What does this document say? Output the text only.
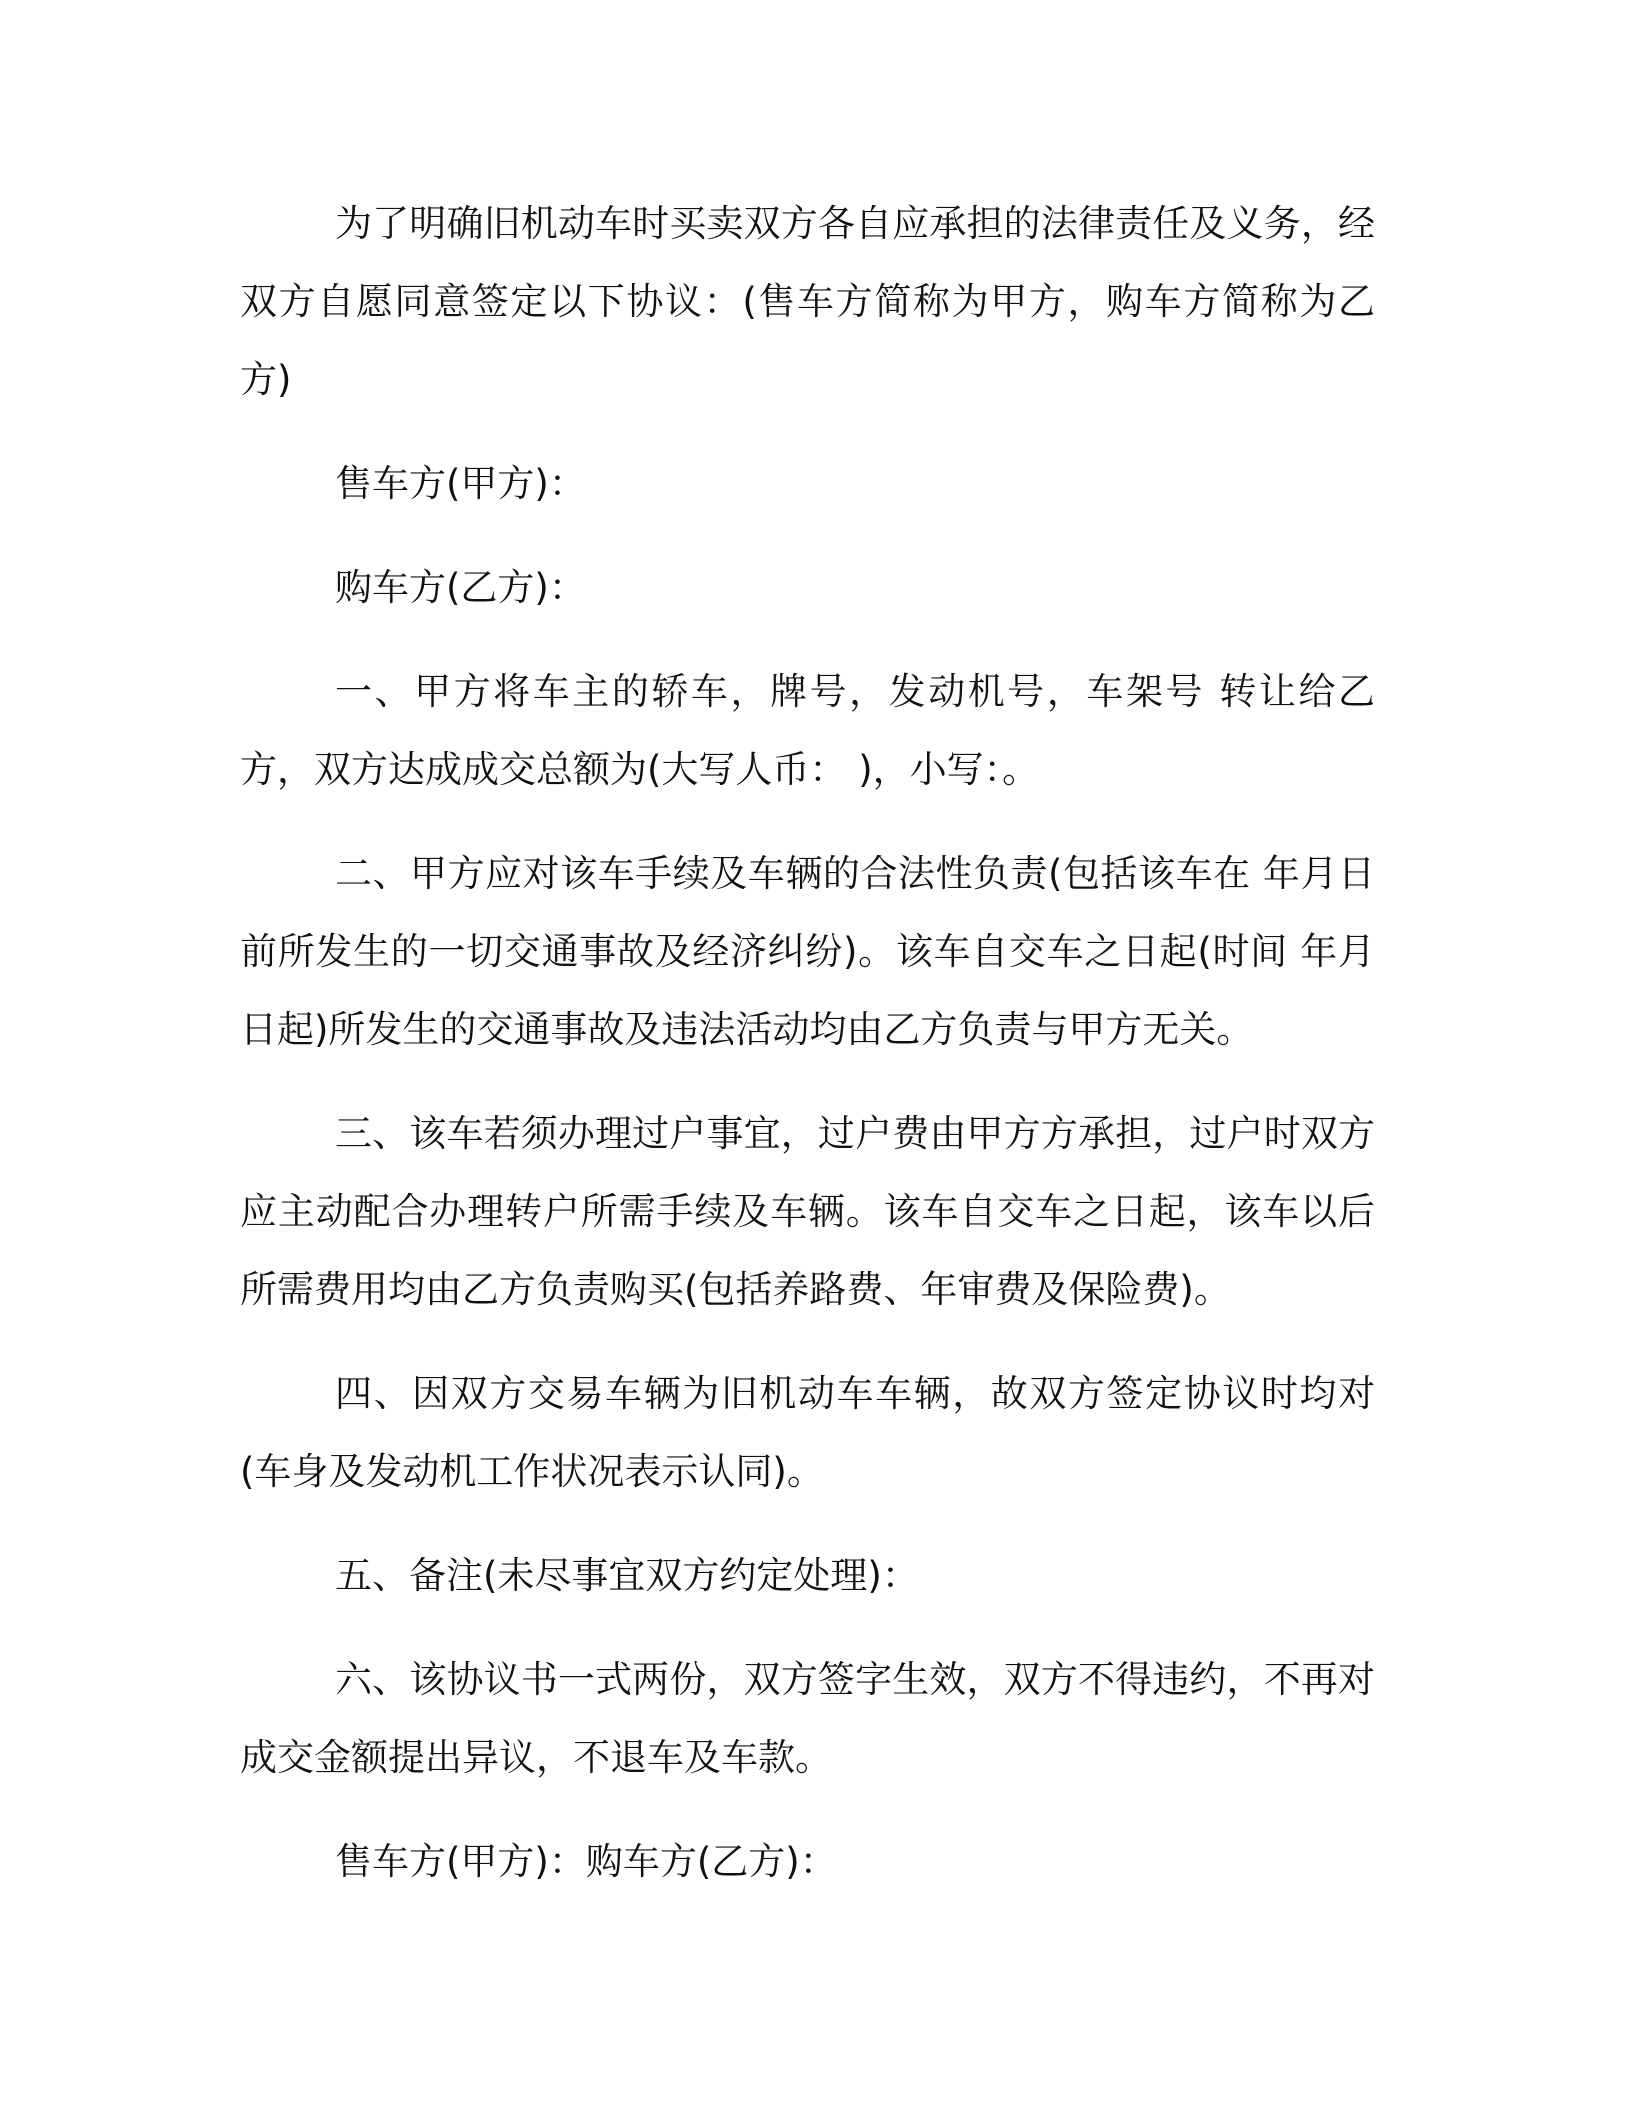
为了明确旧机动车时买卖双方各自应承担的法律责任及义务，经双方自愿同意签定以下协议：(售车方简称为甲方，购车方简称为乙方)

售车方(甲方)：

购车方(乙方)：

一、甲方将车主的轿车，牌号，发动机号，车架号 转让给乙方，双方达成成交总额为(大写人币： )，小写：。

二、甲方应对该车手续及车辆的合法性负责(包括该车在 年月日前所发生的一切交通事故及经济纠纷)。该车自交车之日起(时间 年月日起)所发生的交通事故及违法活动均由乙方负责与甲方无关。

三、该车若须办理过户事宜，过户费由甲方方承担，过户时双方应主动配合办理转户所需手续及车辆。该车自交车之日起，该车以后所需费用均由乙方负责购买(包括养路费、年审费及保险费)。

四、因双方交易车辆为旧机动车车辆，故双方签定协议时均对(车身及发动机工作状况表示认同)。

五、备注(未尽事宜双方约定处理)：

六、该协议书一式两份，双方签字生效，双方不得违约，不再对成交金额提出异议，不退车及车款。

售车方(甲方)：购车方(乙方)：
